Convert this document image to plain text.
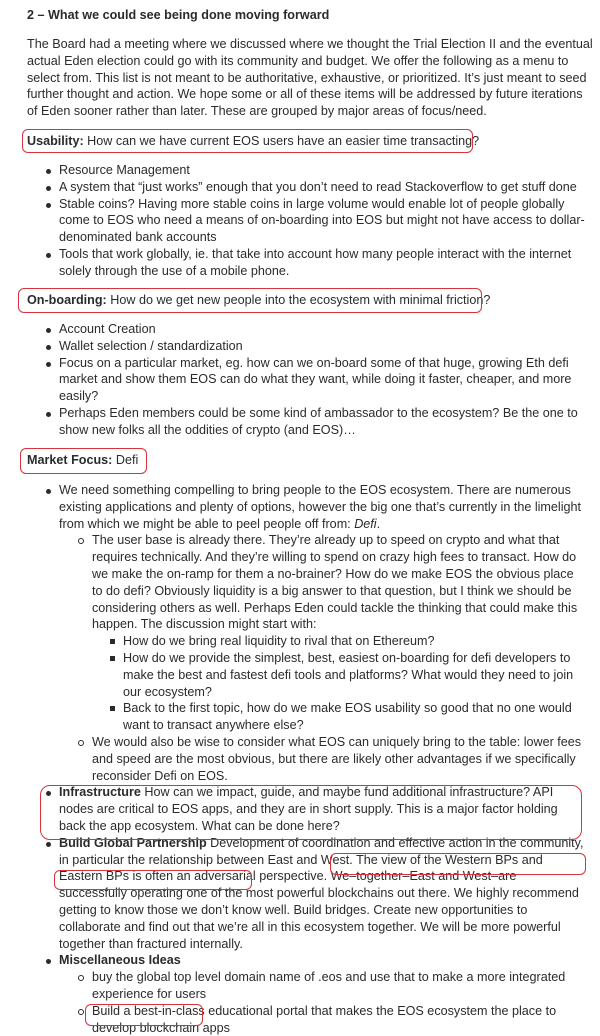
2 – What we could see being done moving forward

The Board had a meeting where we discussed where we thought the Trial Election II and the eventual actual Eden election could go with its community and budget. We offer the following as a menu to select from. This list is not meant to be authoritative, exhaustive, or prioritized. It’s just meant to seed further thought and action. We hope some or all of these items will be addressed by future iterations of Eden sooner rather than later. These are grouped by major areas of focus/need.

Usability: How can we have current EOS users have an easier time transacting?

Resource Management
A system that “just works” enough that you don’t need to read Stackoverflow to get stuff done
Stable coins? Having more stable coins in large volume would enable lot of people globally come to EOS who need a means of on-boarding into EOS but might not have access to dollar-denominated bank accounts
Tools that work globally, ie. that take into account how many people interact with the internet solely through the use of a mobile phone.

On-boarding: How do we get new people into the ecosystem with minimal friction?

Account Creation
Wallet selection / standardization
Focus on a particular market, eg. how can we on-board some of that huge, growing Eth defi market and show them EOS can do what they want, while doing it faster, cheaper, and more easily?
Perhaps Eden members could be some kind of ambassador to the ecosystem? Be the one to show new folks all the oddities of crypto (and EOS)…

Market Focus: Defi

We need something compelling to bring people to the EOS ecosystem. There are numerous existing applications and plenty of options, however the big one that’s currently in the limelight from which we might be able to peel people off from: Defi.
The user base is already there. They’re already up to speed on crypto and what that requires technically. And they’re willing to spend on crazy high fees to transact. How do we make the on-ramp for them a no-brainer? How do we make EOS the obvious place to do defi? Obviously liquidity is a big answer to that question, but I think we should be considering others as well. Perhaps Eden could tackle the thinking that could make this happen. The discussion might start with:
How do we bring real liquidity to rival that on Ethereum?
How do we provide the simplest, best, easiest on-boarding for defi developers to make the best and fastest defi tools and platforms? What would they need to join our ecosystem?
Back to the first topic, how do we make EOS usability so good that no one would want to transact anywhere else?
We would also be wise to consider what EOS can uniquely bring to the table: lower fees and speed are the most obvious, but there are likely other advantages if we specifically reconsider Defi on EOS.
Infrastructure How can we impact, guide, and maybe fund additional infrastructure? API nodes are critical to EOS apps, and they are in short supply. This is a major factor holding back the app ecosystem. What can be done here?
Build Global Partnership Development of coordination and effective action in the community, in particular the relationship between East and West. The view of the Western BPs and Eastern BPs is often an adversarial perspective. We–together–East and West–are successfully operating one of the most powerful blockchains out there. We highly recommend getting to know those we don’t know well. Build bridges. Create new opportunities to collaborate and find out that we’re all in this ecosystem together. We will be more powerful together than fractured internally.
Miscellaneous Ideas
buy the global top level domain name of .eos and use that to make a more integrated experience for users
Build a best-in-class educational portal that makes the EOS ecosystem the place to develop blockchain apps
